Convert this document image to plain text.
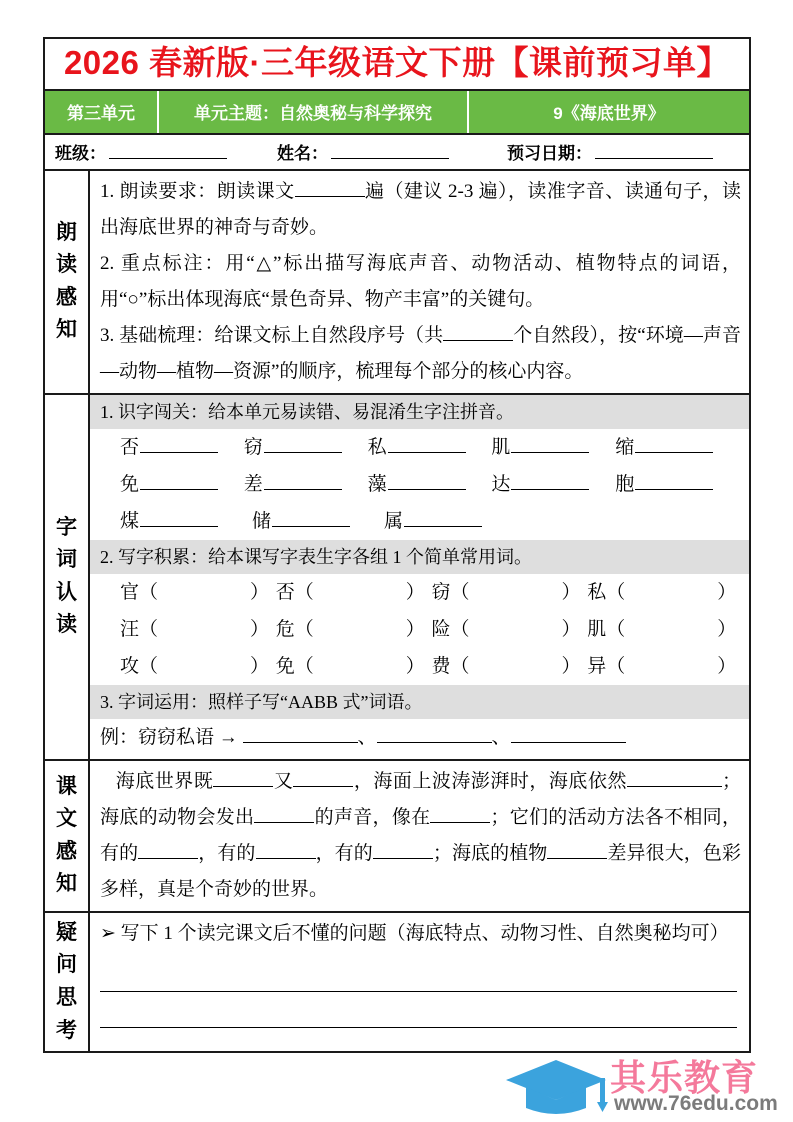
2026 春新版·三年级语文下册【课前预习单】
第三单元	单元主题：自然奥秘与科学探究	9《海底世界》
班级：	姓名：	预习日期：
朗
读
感
知
1. 朗读要求：朗读课文	遍（建议 2-3 遍），读准字音、读通句子，读出海底世界的神奇与奇妙。
2. 重点标注：用“△”标出描写海底声音、动物活动、植物特点的词语，用“○”标出体现海底“景色奇异、物产丰富”的关键句。
3. 基础梳理：给课文标上自然段序号（共	个自然段），按“环境—声音—动物—植物—资源”的顺序，梳理每个部分的核心内容。
字
词
认
读
1. 识字闯关：给本单元易读错、易混淆生字注拼音。
否	窃	私	肌	缩
免	差	藻	达	胞
煤	储	属
2. 写字积累：给本课写字表生字各组 1 个简单常用词。
官 （	） 否 （	） 窃 （	） 私 （	）
汪 （	） 危 （	） 险 （	） 肌 （	）
攻 （	） 免 （	） 费 （	） 异 （	）
3. 字词运用：照样子写“AABB 式”词语。
例：窃窃私语 →	、	、
课
文
感
知
海底世界既	又	，海面上波涛澎湃时，海底依然	；海底的动物会发出	的声音，像在	；它们的活动方法各不相同，有的	，有的	，有的	；海底的植物	差异很大，色彩多样，真是个奇妙的世界。
疑
问
思
考
➢ 写下 1 个读完课文后不懂的问题（海底特点、动物习性、自然奥秘均可）
其乐教育
www.76edu.com
